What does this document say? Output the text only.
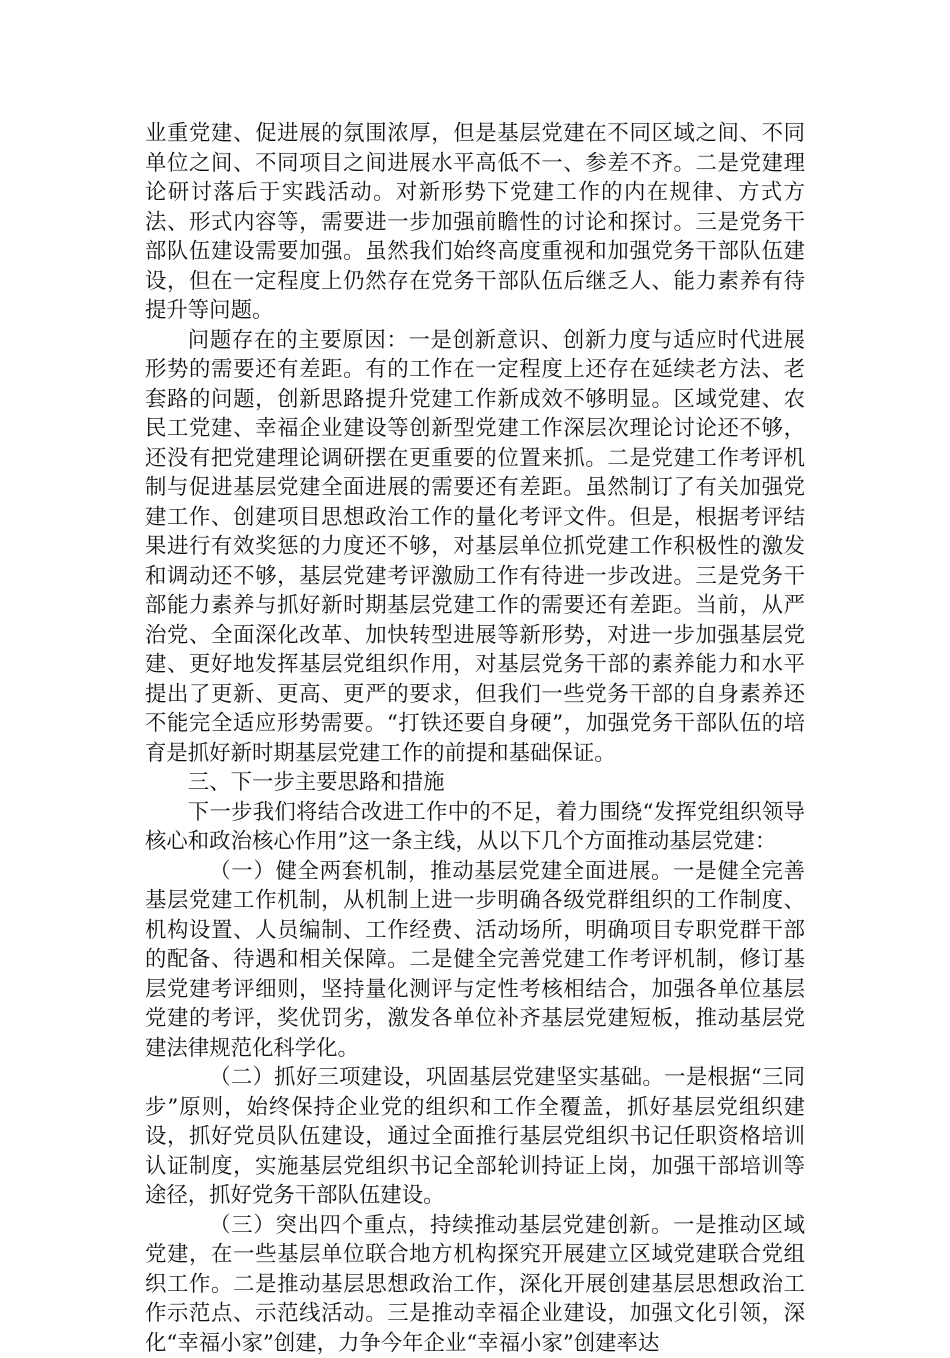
业重党建、促进展的氛围浓厚，但是基层党建在不同区域之间、不同单位之间、不同项目之间进展水平高低不一、参差不齐。二是党建理论研讨落后于实践活动。对新形势下党建工作的内在规律、方式方法、形式内容等，需要进一步加强前瞻性的讨论和探讨。三是党务干部队伍建设需要加强。虽然我们始终高度重视和加强党务干部队伍建设，但在一定程度上仍然存在党务干部队伍后继乏人、能力素养有待提升等问题。

问题存在的主要原因：一是创新意识、创新力度与适应时代进展形势的需要还有差距。有的工作在一定程度上还存在延续老方法、老套路的问题，创新思路提升党建工作新成效不够明显。区域党建、农民工党建、幸福企业建设等创新型党建工作深层次理论讨论还不够，还没有把党建理论调研摆在更重要的位置来抓。二是党建工作考评机制与促进基层党建全面进展的需要还有差距。虽然制订了有关加强党建工作、创建项目思想政治工作的量化考评文件。但是，根据考评结果进行有效奖惩的力度还不够，对基层单位抓党建工作积极性的激发和调动还不够，基层党建考评激励工作有待进一步改进。三是党务干部能力素养与抓好新时期基层党建工作的需要还有差距。当前，从严治党、全面深化改革、加快转型进展等新形势，对进一步加强基层党建、更好地发挥基层党组织作用，对基层党务干部的素养能力和水平提出了更新、更高、更严的要求，但我们一些党务干部的自身素养还不能完全适应形势需要。“打铁还要自身硬”，加强党务干部队伍的培育是抓好新时期基层党建工作的前提和基础保证。

三、下一步主要思路和措施

下一步我们将结合改进工作中的不足，着力围绕“发挥党组织领导核心和政治核心作用”这一条主线，从以下几个方面推动基层党建：

（一）健全两套机制，推动基层党建全面进展。一是健全完善基层党建工作机制，从机制上进一步明确各级党群组织的工作制度、机构设置、人员编制、工作经费、活动场所，明确项目专职党群干部的配备、待遇和相关保障。二是健全完善党建工作考评机制，修订基层党建考评细则，坚持量化测评与定性考核相结合，加强各单位基层党建的考评，奖优罚劣，激发各单位补齐基层党建短板，推动基层党建法律规范化科学化。

（二）抓好三项建设，巩固基层党建坚实基础。一是根据“三同步”原则，始终保持企业党的组织和工作全覆盖，抓好基层党组织建设，抓好党员队伍建设，通过全面推行基层党组织书记任职资格培训认证制度，实施基层党组织书记全部轮训持证上岗，加强干部培训等途径，抓好党务干部队伍建设。

（三）突出四个重点，持续推动基层党建创新。一是推动区域党建，在一些基层单位联合地方机构探究开展建立区域党建联合党组织工作。二是推动基层思想政治工作，深化开展创建基层思想政治工作示范点、示范线活动。三是推动幸福企业建设，加强文化引领，深化“幸福小家”创建，力争今年企业“幸福小家”创建率达
